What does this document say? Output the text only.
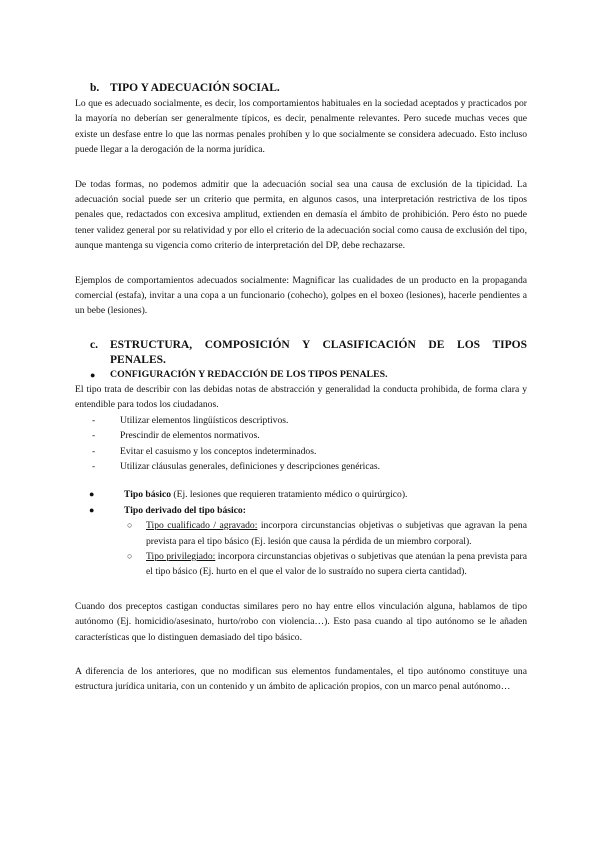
b. TIPO Y ADECUACIÓN SOCIAL.

Lo que es adecuado socialmente, es decir, los comportamientos habituales en la sociedad aceptados y practicados por la mayoría no deberían ser generalmente típicos, es decir, penalmente relevantes. Pero sucede muchas veces que existe un desfase entre lo que las normas penales prohíben y lo que socialmente se considera adecuado. Esto incluso puede llegar a la derogación de la norma jurídica.

De todas formas, no podemos admitir que la adecuación social sea una causa de exclusión de la tipicidad. La adecuación social puede ser un criterio que permita, en algunos casos, una interpretación restrictiva de los tipos penales que, redactados con excesiva amplitud, extienden en demasía el ámbito de prohibición. Pero ésto no puede tener validez general por su relatividad y por ello el criterio de la adecuación social como causa de exclusión del tipo, aunque mantenga su vigencia como criterio de interpretación del DP, debe rechazarse.

Ejemplos de comportamientos adecuados socialmente: Magnificar las cualidades de un producto en la propaganda comercial (estafa), invitar a una copa a un funcionario (cohecho), golpes en el boxeo (lesiones), hacerle pendientes a un bebe (lesiones).

c.	ESTRUCTURA, COMPOSICIÓN Y CLASIFICACIÓN DE LOS TIPOS PENALES.
●	CONFIGURACIÓN Y REDACCIÓN DE LOS TIPOS PENALES.

El tipo trata de describir con las debidas notas de abstracción y generalidad la conducta prohibida, de forma clara y entendible para todos los ciudadanos.

-	Utilizar elementos lingüísticos descriptivos.
-	Prescindir de elementos normativos.
-	Evitar el casuismo y los conceptos indeterminados.
-	Utilizar cláusulas generales, definiciones y descripciones genéricas.
●	Tipo básico (Ej. lesiones que requieren tratamiento médico o quirúrgico).
●	Tipo derivado del tipo básico:
○	Tipo cualificado / agravado: incorpora circunstancias objetivas o subjetivas que agravan la pena prevista para el tipo básico (Ej. lesión que causa la pérdida de un miembro corporal).
○	Tipo privilegiado: incorpora circunstancias objetivas o subjetivas que atenúan la pena prevista para el tipo básico (Ej. hurto en el que el valor de lo sustraído no supera cierta cantidad).

Cuando dos preceptos castigan conductas similares pero no hay entre ellos vinculación alguna, hablamos de tipo autónomo (Ej. homicidio/asesinato, hurto/robo con violencia…). Esto pasa cuando al tipo autónomo se le añaden características que lo distinguen demasiado del tipo básico.

A diferencia de los anteriores, que no modifican sus elementos fundamentales, el tipo autónomo constituye una estructura jurídica unitaria, con un contenido y un ámbito de aplicación propios, con un marco penal autónomo…
